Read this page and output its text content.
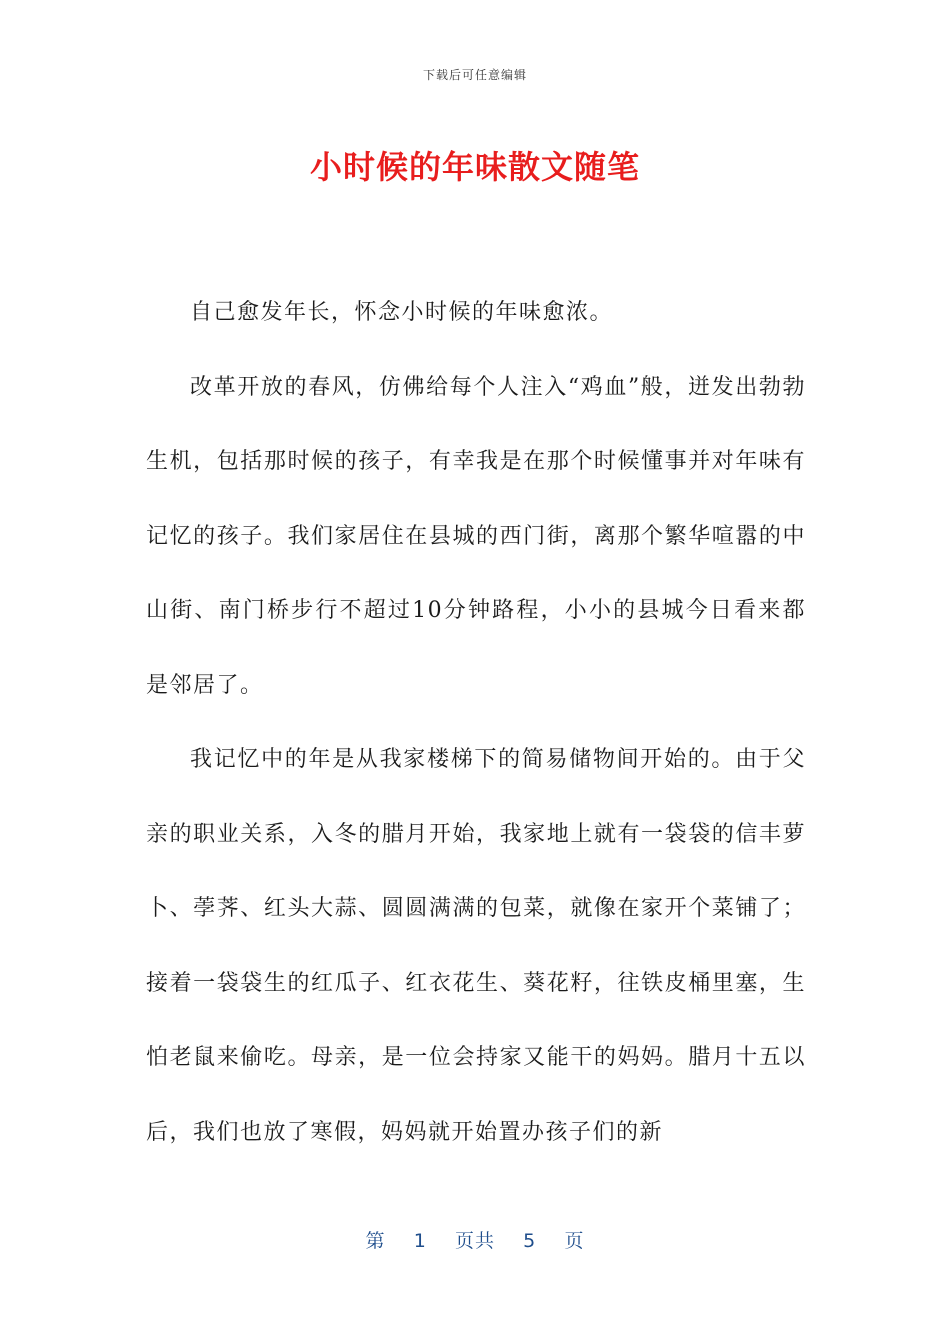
下载后可任意编辑
小时候的年味散文随笔

自己愈发年长，怀念小时候的年味愈浓。

改革开放的春风，仿佛给每个人注入“鸡血”般，迸发出勃勃生机，包括那时候的孩子，有幸我是在那个时候懂事并对年味有记忆的孩子。我们家居住在县城的西门街，离那个繁华喧嚣的中山街、南门桥步行不超过10分钟路程，小小的县城今日看来都是邻居了。

我记忆中的年是从我家楼梯下的简易储物间开始的。由于父亲的职业关系，入冬的腊月开始，我家地上就有一袋袋的信丰萝卜、荸荠、红头大蒜、圆圆满满的包菜，就像在家开个菜铺了；接着一袋袋生的红瓜子、红衣花生、葵花籽，往铁皮桶里塞，生怕老鼠来偷吃。母亲，是一位会持家又能干的妈妈。腊月十五以后，我们也放了寒假，妈妈就开始置办孩子们的新

第 1 页共 5 页
